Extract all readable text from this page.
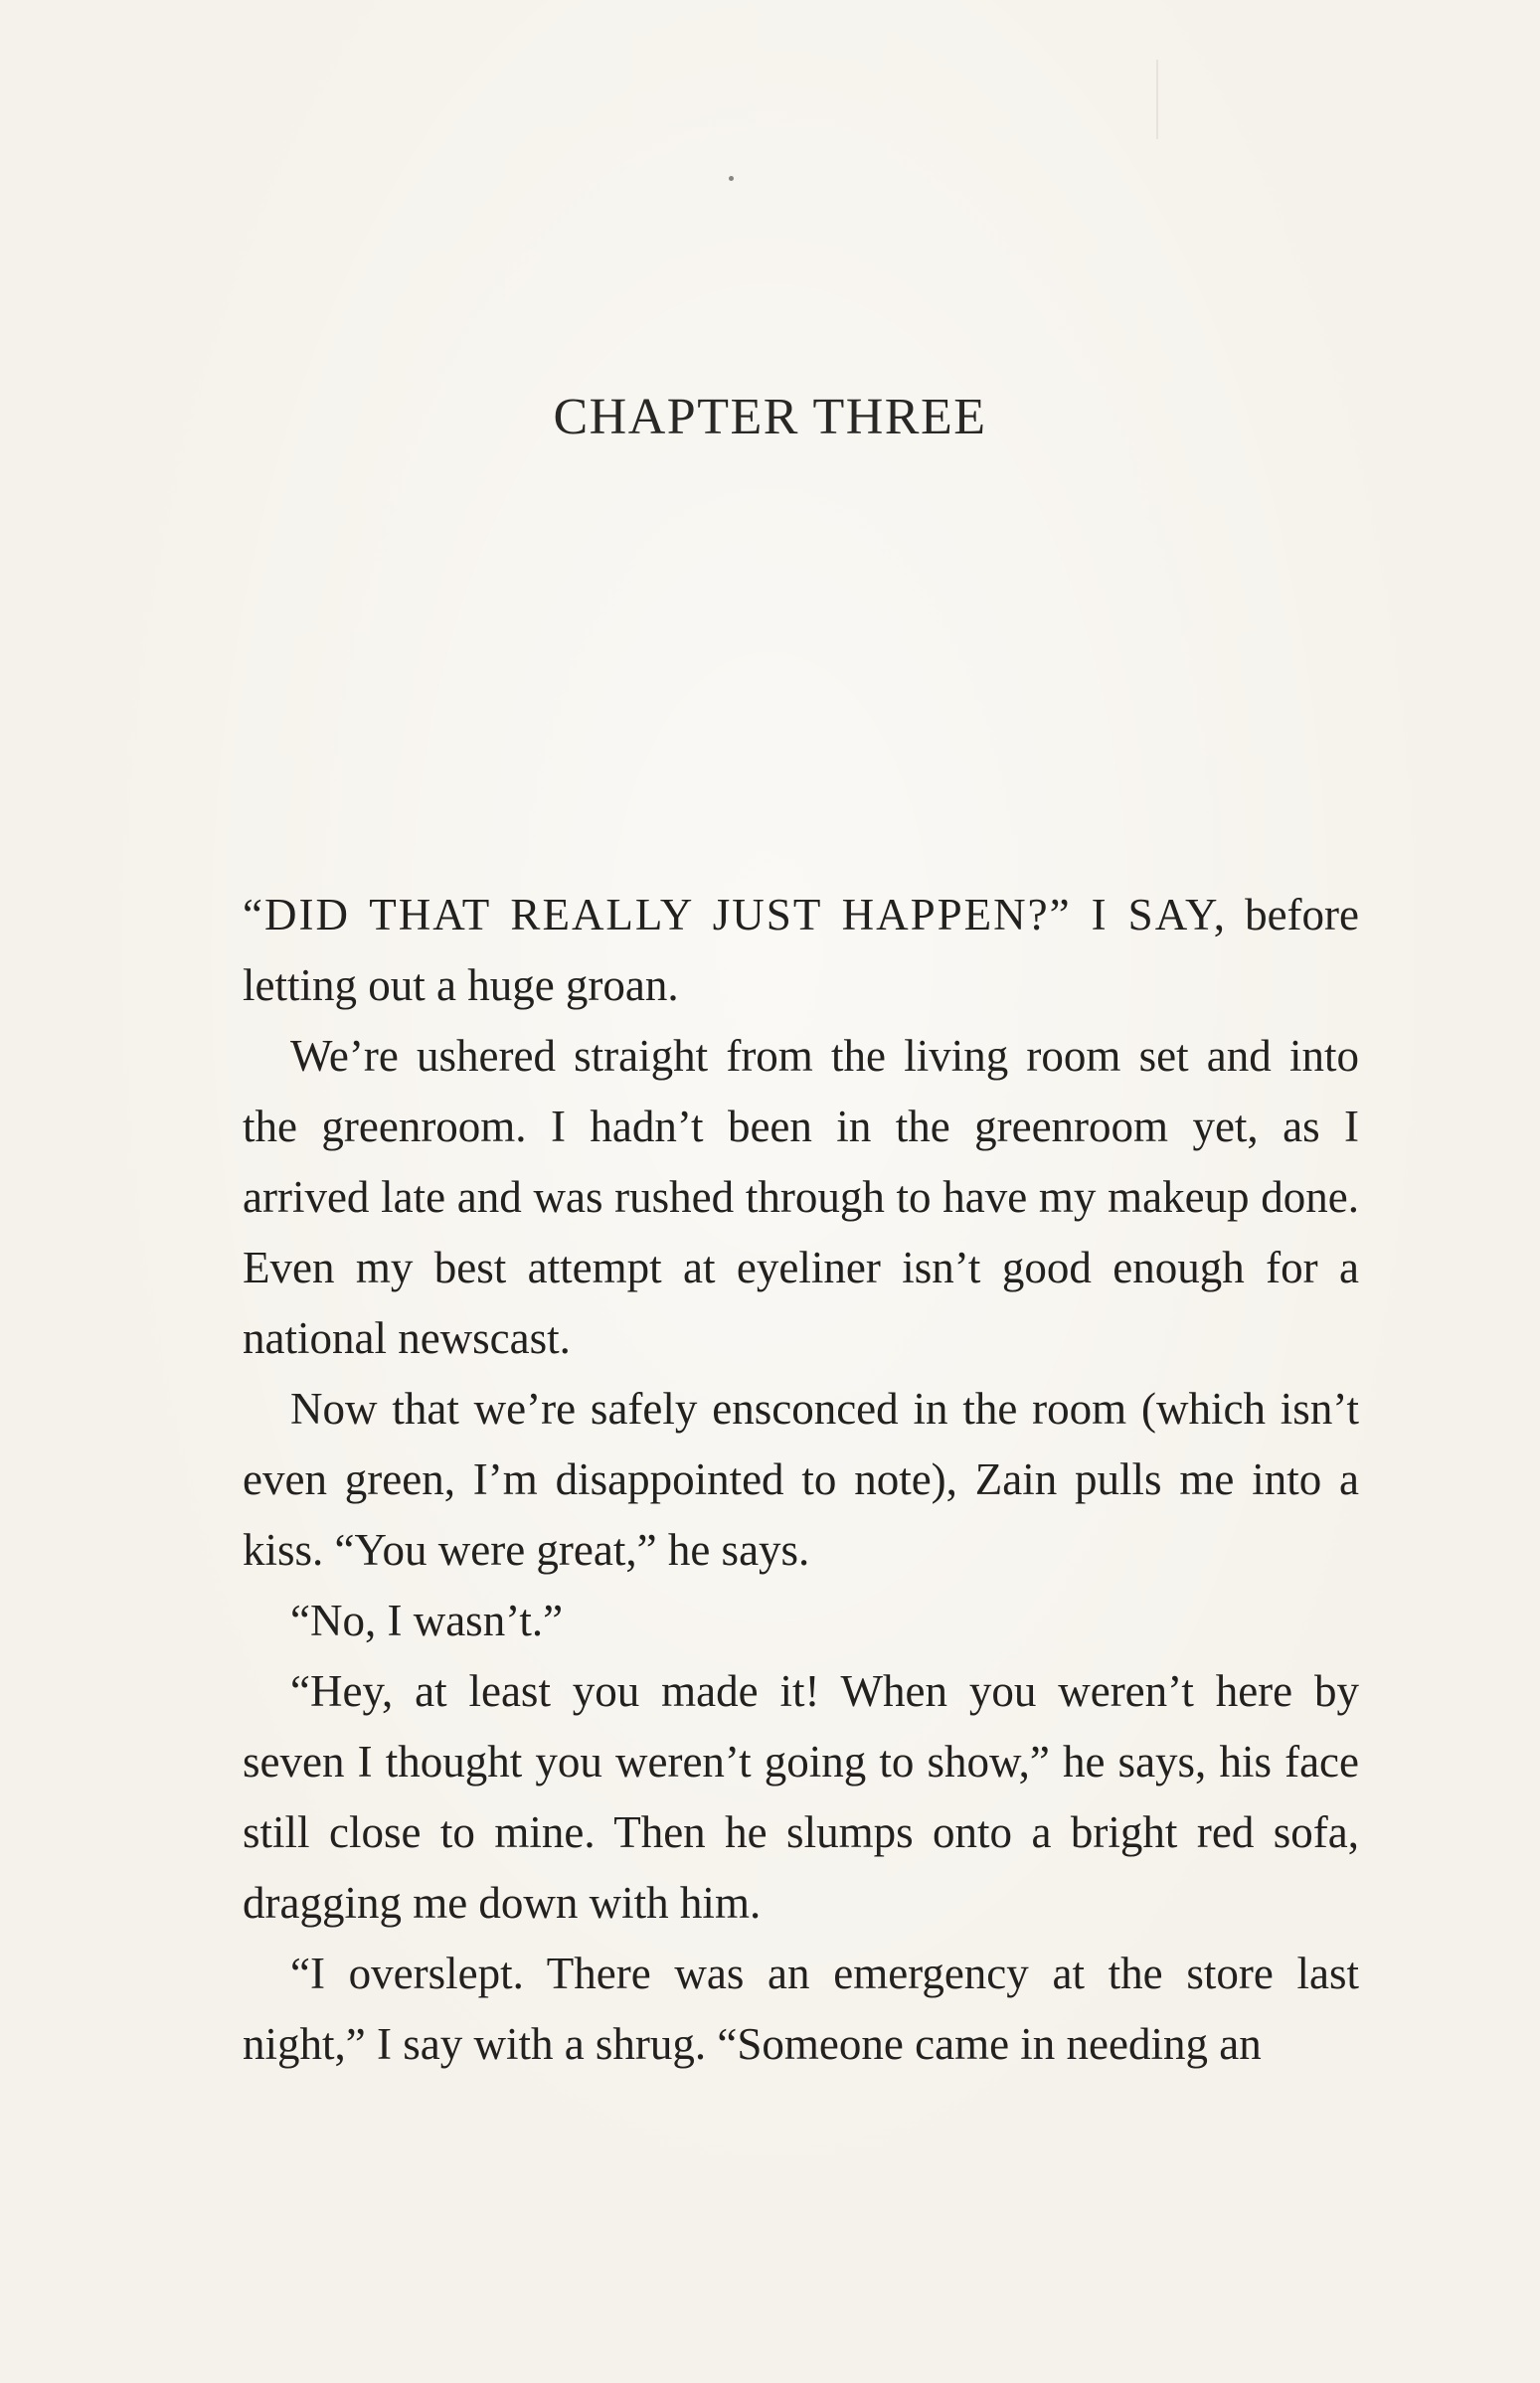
CHAPTER THREE

“DID THAT REALLY JUST HAPPEN?” I SAY, before letting out a huge groan.

We’re ushered straight from the living room set and into the greenroom. I hadn’t been in the greenroom yet, as I arrived late and was rushed through to have my makeup done. Even my best attempt at eyeliner isn’t good enough for a national newscast.

Now that we’re safely ensconced in the room (which isn’t even green, I’m disappointed to note), Zain pulls me into a kiss. “You were great,” he says.

“No, I wasn’t.”

“Hey, at least you made it! When you weren’t here by seven I thought you weren’t going to show,” he says, his face still close to mine. Then he slumps onto a bright red sofa, dragging me down with him.

“I overslept. There was an emergency at the store last night,” I say with a shrug. “Someone came in needing an
